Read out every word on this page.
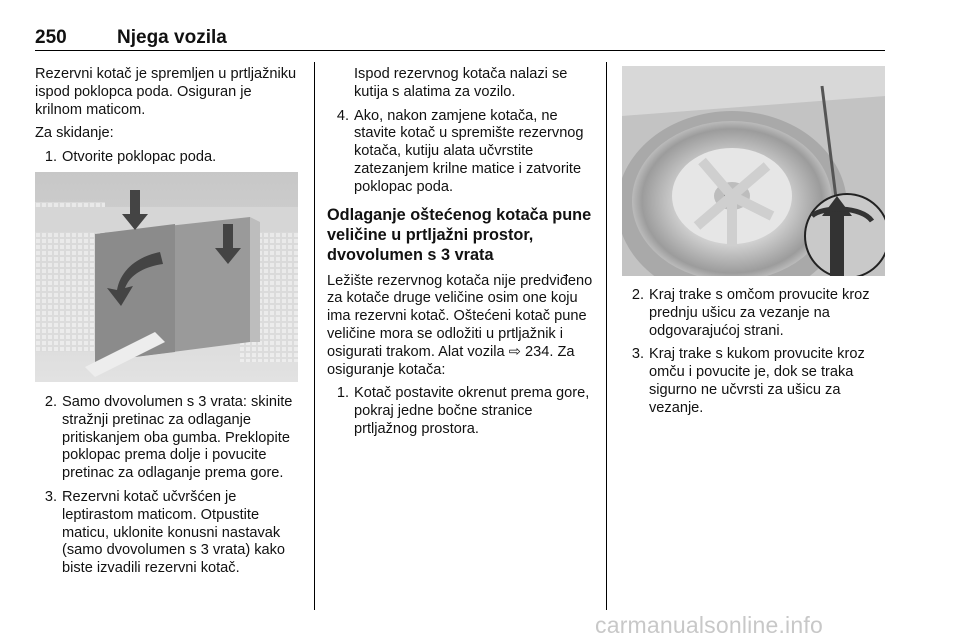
250	Njega vozila

Rezervni kotač je spremljen u prtljažniku ispod poklopca poda. Osiguran je krilnom maticom.

Za skidanje:

1. Otvorite poklopac poda.
2. Samo dvovolumen s 3 vrata: skinite stražnji pretinac za odlaganje pritiskanjem oba gumba. Preklopite poklopac prema dolje i povucite pretinac za odlaganje prema gore.
3. Rezervni kotač učvršćen je leptirastom maticom. Otpustite maticu, uklonite konusni nastavak (samo dvovolumen s 3 vrata) kako biste izvadili rezervni kotač.

Ispod rezervnog kotača nalazi se kutija s alatima za vozilo.

4. Ako, nakon zamjene kotača, ne stavite kotač u spremište rezervnog kotača, kutiju alata učvrstite zatezanjem krilne matice i zatvorite poklopac poda.
Odlaganje oštećenog kotača pune veličine u prtljažni prostor, dvovolumen s 3 vrata

Ležište rezervnog kotača nije predviđeno za kotače druge veličine osim one koju ima rezervni kotač. Oštećeni kotač pune veličine mora se odložiti u prtljažnik i osigurati trakom. Alat vozila ⇨ 234. Za osiguranje kotača:

1. Kotač postavite okrenut prema gore, pokraj jedne bočne stranice prtljažnog prostora.
2. Kraj trake s omčom provucite kroz prednju ušicu za vezanje na odgovarajućoj strani.
3. Kraj trake s kukom provucite kroz omču i povucite je, dok se traka sigurno ne učvrsti za ušicu za vezanje.
carmanualsonline.info
